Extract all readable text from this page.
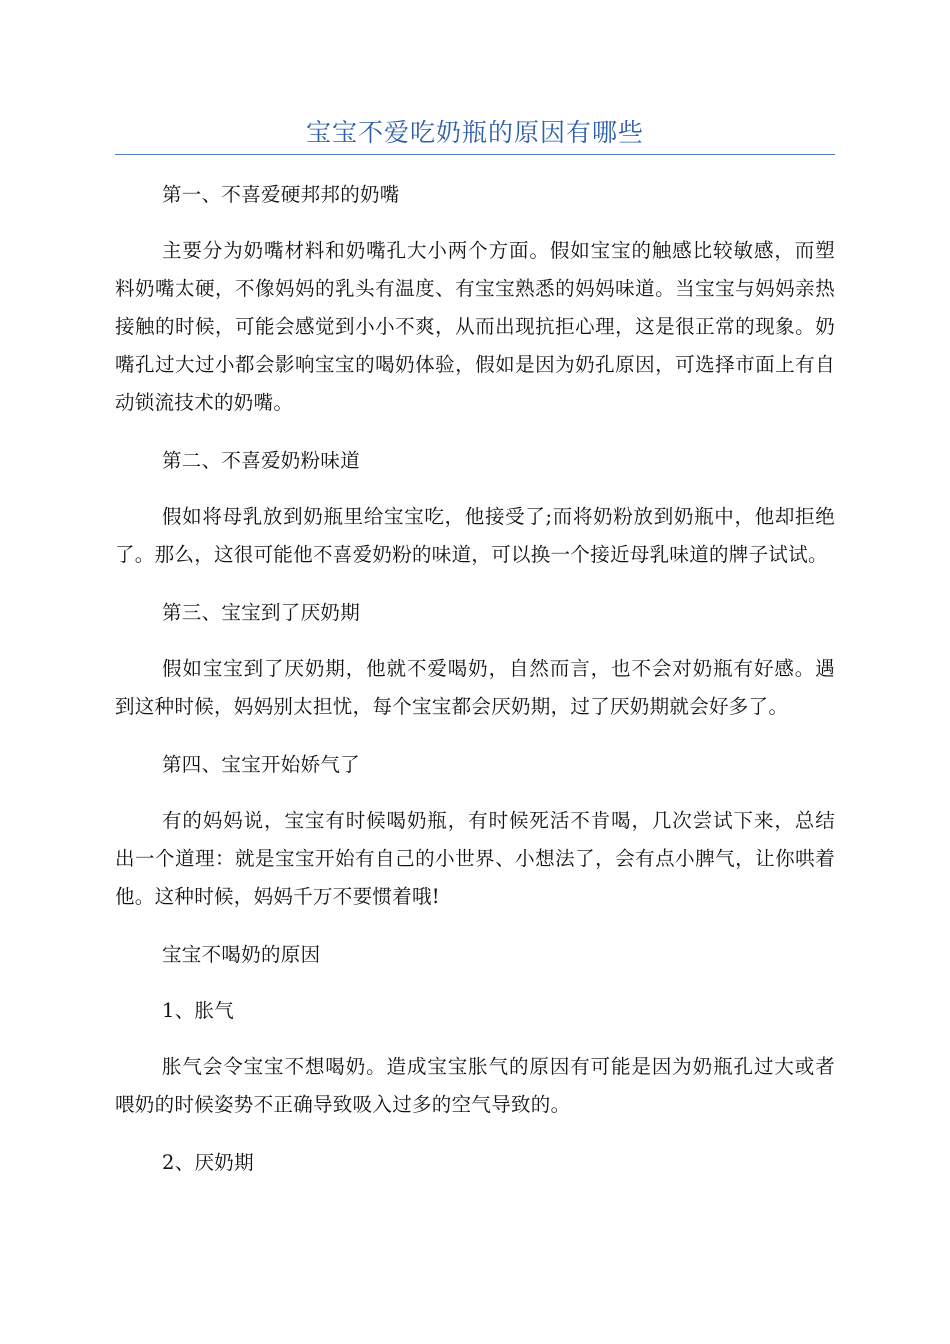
宝宝不爱吃奶瓶的原因有哪些

第一、不喜爱硬邦邦的奶嘴

主要分为奶嘴材料和奶嘴孔大小两个方面。假如宝宝的触感比较敏感，而塑料奶嘴太硬，不像妈妈的乳头有温度、有宝宝熟悉的妈妈味道。当宝宝与妈妈亲热接触的时候，可能会感觉到小小不爽，从而出现抗拒心理，这是很正常的现象。奶嘴孔过大过小都会影响宝宝的喝奶体验，假如是因为奶孔原因，可选择市面上有自动锁流技术的奶嘴。

第二、不喜爱奶粉味道

假如将母乳放到奶瓶里给宝宝吃，他接受了;而将奶粉放到奶瓶中，他却拒绝了。那么，这很可能他不喜爱奶粉的味道，可以换一个接近母乳味道的牌子试试。

第三、宝宝到了厌奶期

假如宝宝到了厌奶期，他就不爱喝奶，自然而言，也不会对奶瓶有好感。遇到这种时候，妈妈别太担忧，每个宝宝都会厌奶期，过了厌奶期就会好多了。

第四、宝宝开始娇气了

有的妈妈说，宝宝有时候喝奶瓶，有时候死活不肯喝，几次尝试下来，总结出一个道理：就是宝宝开始有自己的小世界、小想法了，会有点小脾气，让你哄着他。这种时候，妈妈千万不要惯着哦!

宝宝不喝奶的原因

1、胀气

胀气会令宝宝不想喝奶。造成宝宝胀气的原因有可能是因为奶瓶孔过大或者喂奶的时候姿势不正确导致吸入过多的空气导致的。

2、厌奶期
